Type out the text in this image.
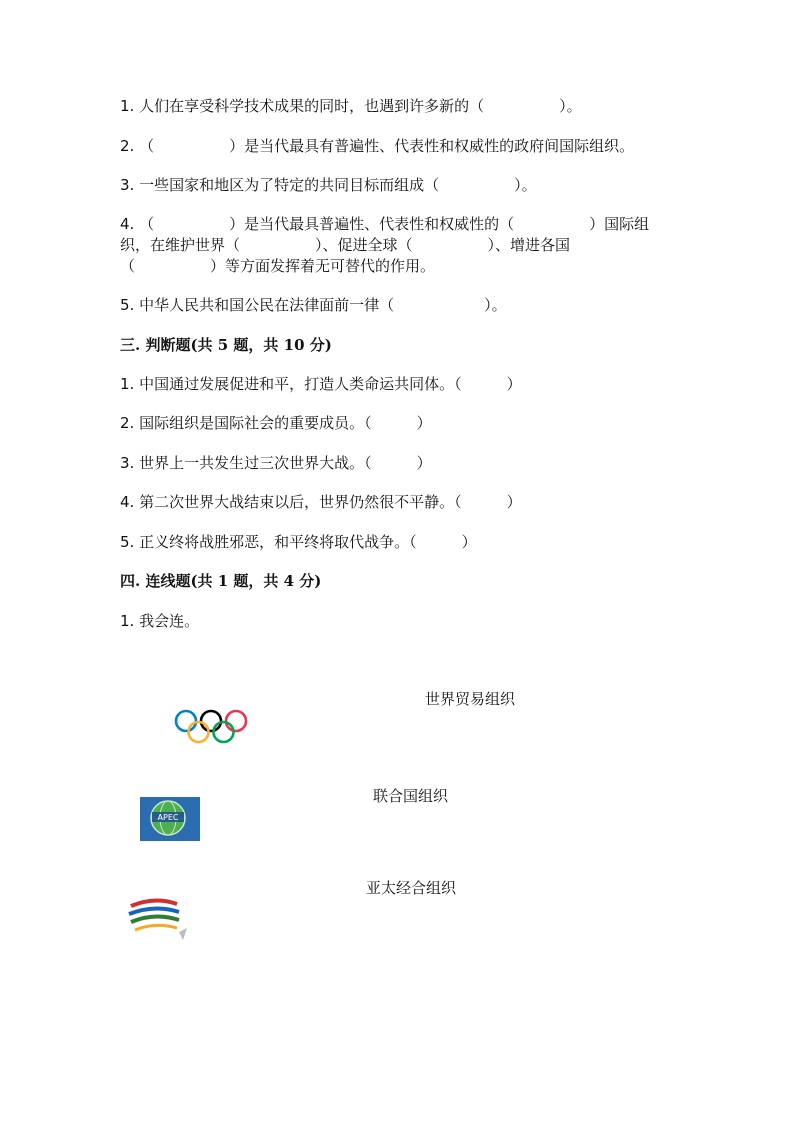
1. 人们在享受科学技术成果的同时，也遇到许多新的（　　　　　）。
2. （　　　　　）是当代最具有普遍性、代表性和权威性的政府间国际组织。
3. 一些国家和地区为了特定的共同目标而组成（　　　　　）。
4. （　　　　　）是当代最具普遍性、代表性和权威性的（　　　　　）国际组
织，在维护世界（　　　　　）、促进全球（　　　　　）、增进各国
（　　　　　）等方面发挥着无可替代的作用。
5. 中华人民共和国公民在法律面前一律（　　　　　　）。
三. 判断题(共 5 题，共 10 分)
1. 中国通过发展促进和平，打造人类命运共同体。（　　　）
2. 国际组织是国际社会的重要成员。（　　　）
3. 世界上一共发生过三次世界大战。（　　　）
4. 第二次世界大战结束以后，世界仍然很不平静。（　　　）
5. 正义终将战胜邪恶，和平终将取代战争。（　　　）
四. 连线题(共 1 题，共 4 分)
1. 我会连。
世界贸易组织
联合国组织
亚太经合组织
APEC
